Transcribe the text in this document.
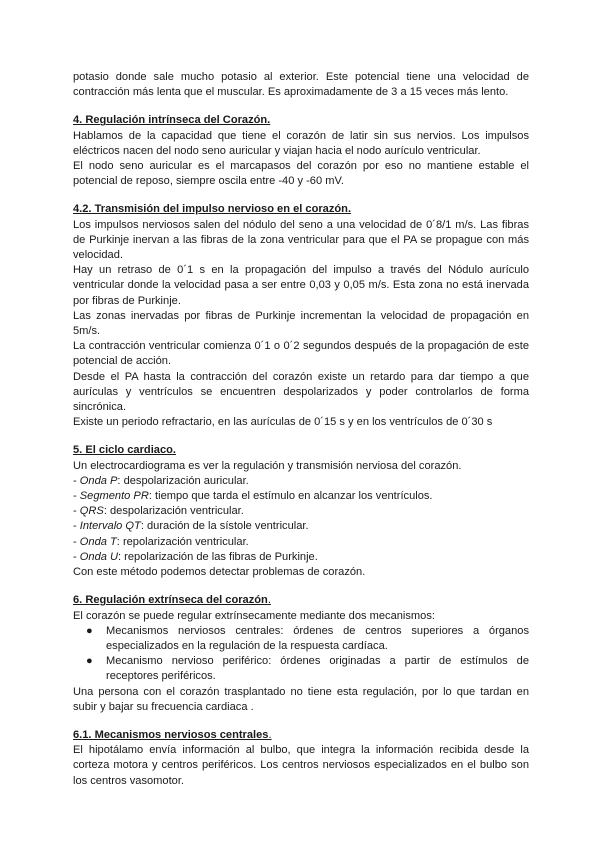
potasio donde sale mucho potasio al exterior. Este potencial tiene una velocidad de contracción más lenta que el muscular. Es aproximadamente de 3 a 15 veces más lento.

4. Regulación intrínseca del Corazón.

Hablamos de la capacidad que tiene el corazón de latir sin sus nervios. Los impulsos eléctricos nacen del nodo seno auricular y viajan hacia el nodo aurículo ventricular.

El nodo seno auricular es el marcapasos del corazón por eso no mantiene estable el potencial de reposo, siempre oscila entre -40 y -60 mV.

4.2. Transmisión del impulso nervioso en el corazón.

Los impulsos nerviosos salen del nódulo del seno a una velocidad de 0´8/1 m/s. Las fibras de Purkinje inervan a las fibras de la zona ventricular para que el PA se propague con más velocidad.

Hay un retraso de 0´1 s en la propagación del impulso a través del Nódulo aurículo ventricular donde la velocidad pasa a ser entre 0,03 y 0,05 m/s. Esta zona no está inervada por fibras de Purkinje.

Las zonas inervadas por fibras de Purkinje incrementan la velocidad de propagación en 5m/s.

La contracción ventricular comienza 0´1 o 0´2 segundos después de la propagación de este potencial de acción.

Desde el PA hasta la contracción del corazón existe un retardo para dar tiempo a que aurículas y ventrículos se encuentren despolarizados y poder controlarlos de forma sincrónica.

Existe un periodo refractario, en las aurículas de 0´15 s y en los ventrículos de 0´30 s

5. El ciclo cardiaco.

Un electrocardiograma es ver la regulación y transmisión nerviosa del corazón.

- Onda P: despolarización auricular.

- Segmento PR: tiempo que tarda el estímulo en alcanzar los ventrículos.

- QRS: despolarización ventricular.

- Intervalo QT: duración de la sístole ventricular.

- Onda T: repolarización ventricular.

- Onda U: repolarización de las fibras de Purkinje.

Con este método podemos detectar problemas de corazón.

6. Regulación extrínseca del corazón.

El corazón se puede regular extrínsecamente mediante dos mecanismos:

●	Mecanismos nerviosos centrales: órdenes de centros superiores a órganos especializados en la regulación de la respuesta cardíaca.
●	Mecanismo nervioso periférico: órdenes originadas a partir de estímulos de receptores periféricos.

Una persona con el corazón trasplantado no tiene esta regulación, por lo que tardan en subir y bajar su frecuencia cardiaca .

6.1. Mecanismos nerviosos centrales.

El hipotálamo envía información al bulbo, que integra la información recibida desde la corteza motora y centros periféricos. Los centros nerviosos especializados en el bulbo son los centros vasomotor.
